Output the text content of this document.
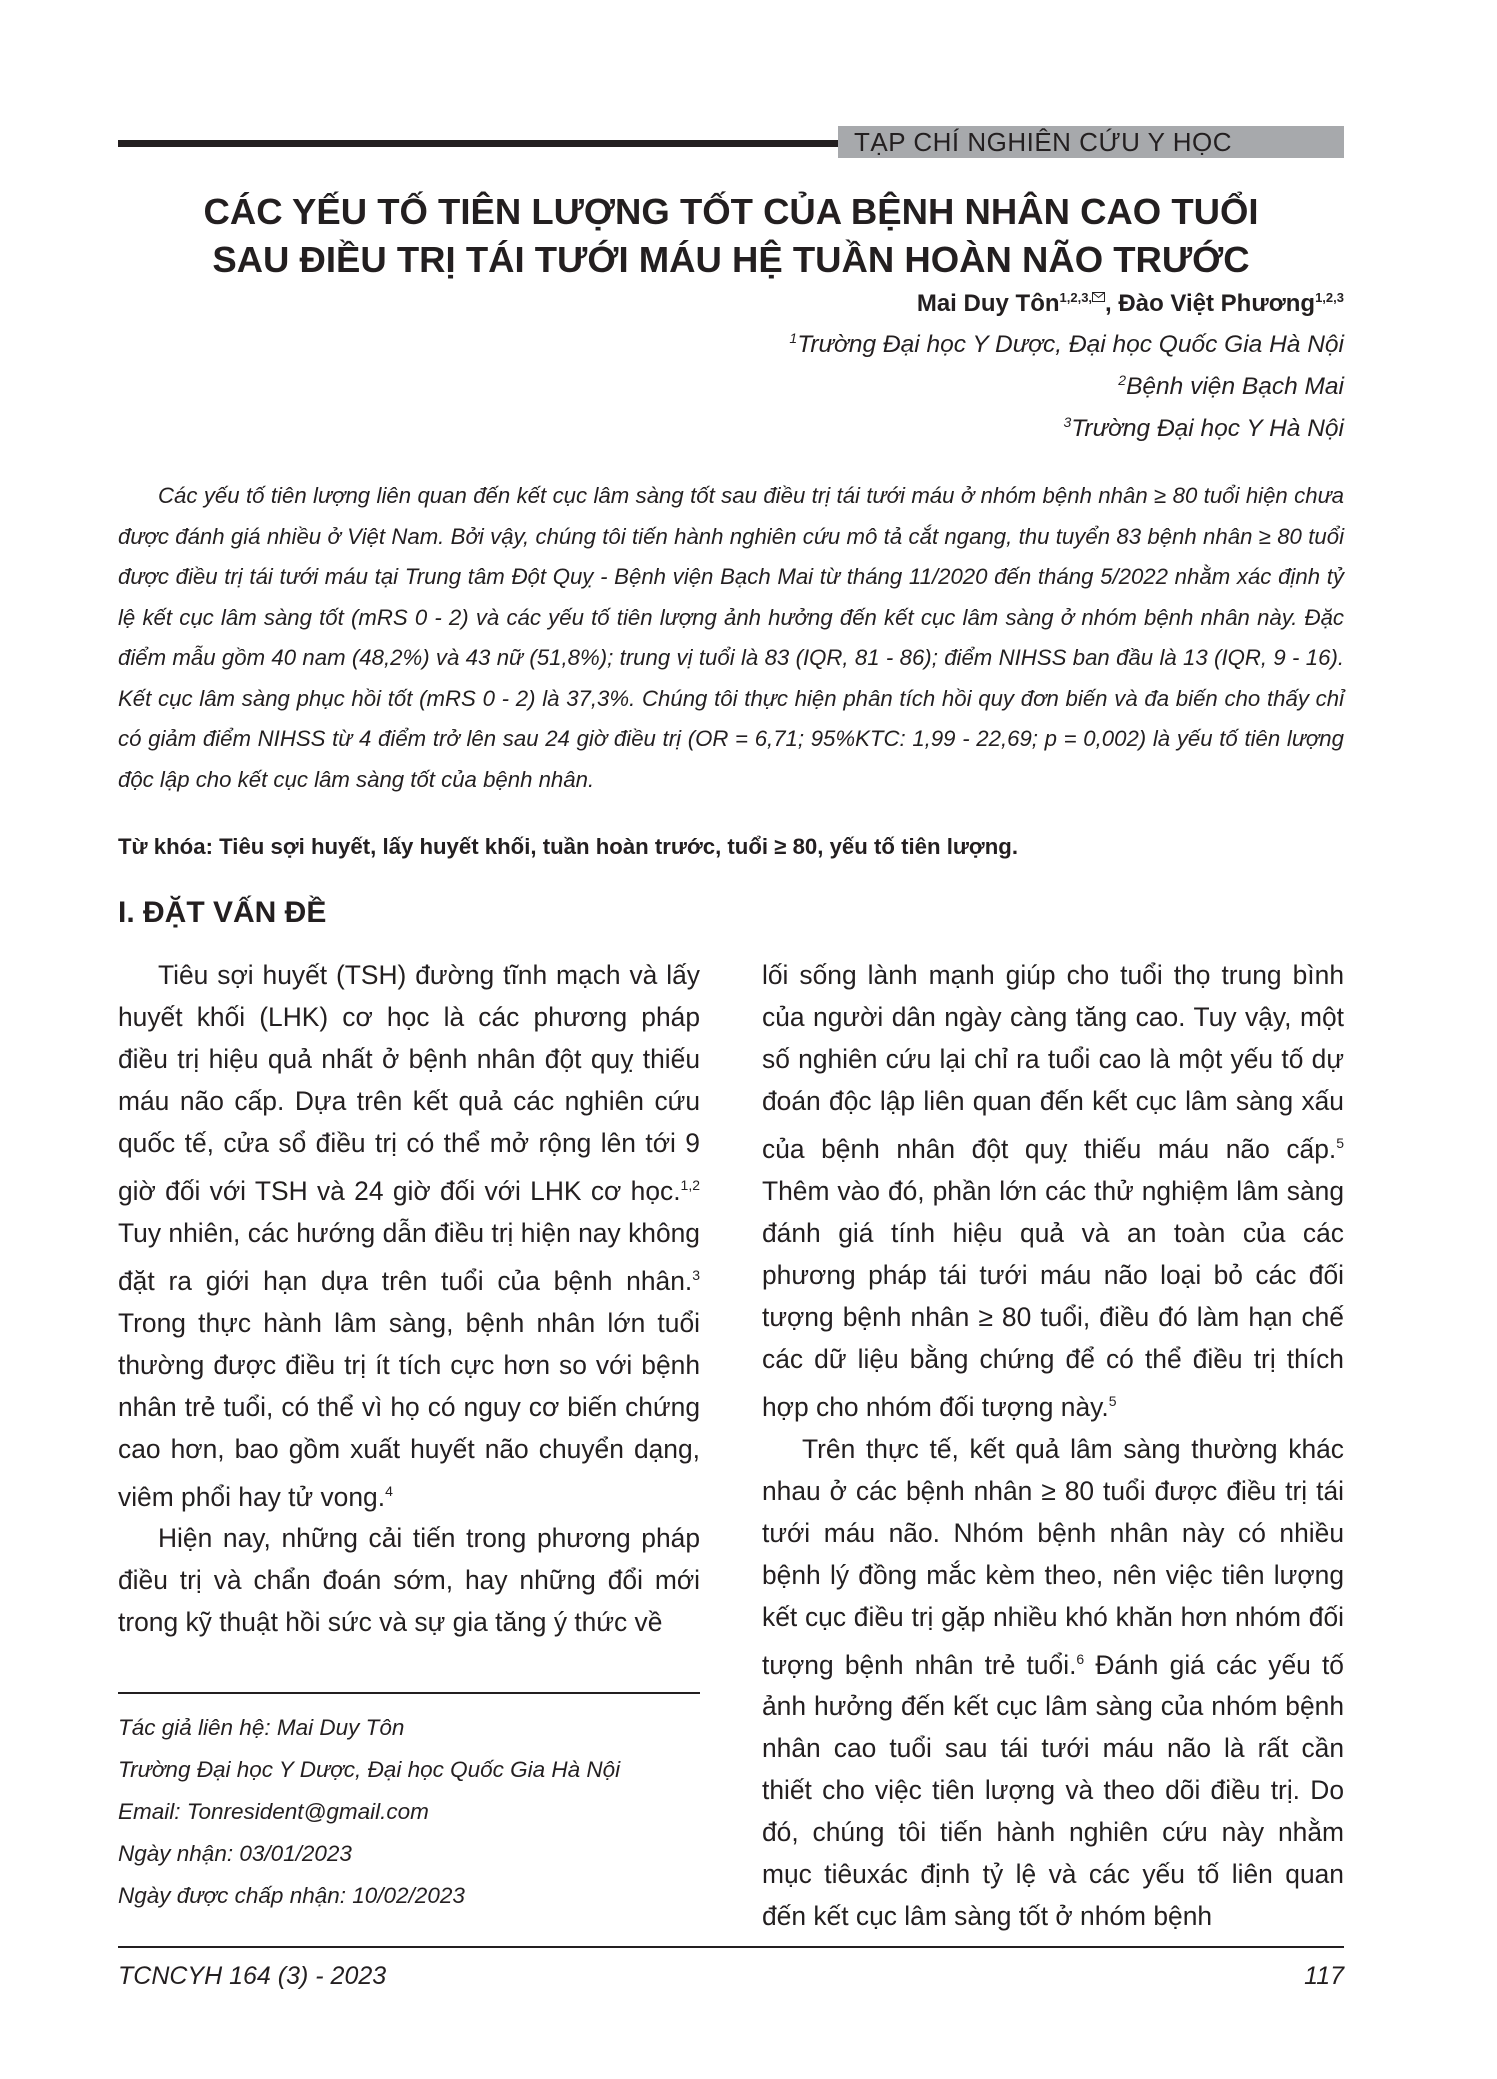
TẠP CHÍ NGHIÊN CỨU Y HỌC
CÁC YẾU TỐ TIÊN LƯỢNG TỐT CỦA BỆNH NHÂN CAO TUỔI
SAU ĐIỀU TRỊ TÁI TƯỚI MÁU HỆ TUẦN HOÀN NÃO TRƯỚC
Mai Duy Tôn$^{1,2,3,}$ , Đào Việt Phương$^{1,2,3}$
$^1$Trường Đại học Y Dược, Đại học Quốc Gia Hà Nội
$^2$Bệnh viện Bạch Mai
$^3$Trường Đại học Y Hà Nội

Các yếu tố tiên lượng liên quan đến kết cục lâm sàng tốt sau điều trị tái tưới máu ở nhóm bệnh nhân ≥ 80 tuổi hiện chưa được đánh giá nhiều ở Việt Nam. Bởi vậy, chúng tôi tiến hành nghiên cứu mô tả cắt ngang, thu tuyển 83 bệnh nhân ≥ 80 tuổi được điều trị tái tưới máu tại Trung tâm Đột Quỵ - Bệnh viện Bạch Mai từ tháng 11/2020 đến tháng 5/2022 nhằm xác định tỷ lệ kết cục lâm sàng tốt (mRS 0 - 2) và các yếu tố tiên lượng ảnh hưởng đến kết cục lâm sàng ở nhóm bệnh nhân này. Đặc điểm mẫu gồm 40 nam (48,2%) và 43 nữ (51,8%); trung vị tuổi là 83 (IQR, 81 - 86); điểm NIHSS ban đầu là 13 (IQR, 9 - 16). Kết cục lâm sàng phục hồi tốt (mRS 0 - 2) là 37,3%. Chúng tôi thực hiện phân tích hồi quy đơn biến và đa biến cho thấy chỉ có giảm điểm NIHSS từ 4 điểm trở lên sau 24 giờ điều trị (OR = 6,71; 95%KTC: 1,99 - 22,69; p = 0,002) là yếu tố tiên lượng độc lập cho kết cục lâm sàng tốt của bệnh nhân.

Từ khóa: Tiêu sợi huyết, lấy huyết khối, tuần hoàn trước, tuổi ≥ 80, yếu tố tiên lượng.

I. ĐẶT VẤN ĐỀ

Tiêu sợi huyết (TSH) đường tĩnh mạch và lấy huyết khối (LHK) cơ học là các phương pháp điều trị hiệu quả nhất ở bệnh nhân đột quỵ thiếu máu não cấp. Dựa trên kết quả các nghiên cứu quốc tế, cửa sổ điều trị có thể mở rộng lên tới 9 giờ đối với TSH và 24 giờ đối với LHK cơ học.$^{1,2}$ Tuy nhiên, các hướng dẫn điều trị hiện nay không đặt ra giới hạn dựa trên tuổi của bệnh nhân.$^3$ Trong thực hành lâm sàng, bệnh nhân lớn tuổi thường được điều trị ít tích cực hơn so với bệnh nhân trẻ tuổi, có thể vì họ có nguy cơ biến chứng cao hơn, bao gồm xuất huyết não chuyển dạng, viêm phổi hay tử vong.$^4$

Hiện nay, những cải tiến trong phương pháp điều trị và chẩn đoán sớm, hay những đổi mới trong kỹ thuật hồi sức và sự gia tăng ý thức về

lối sống lành mạnh giúp cho tuổi thọ trung bình của người dân ngày càng tăng cao. Tuy vậy, một số nghiên cứu lại chỉ ra tuổi cao là một yếu tố dự đoán độc lập liên quan đến kết cục lâm sàng xấu của bệnh nhân đột quỵ thiếu máu não cấp.$^5$ Thêm vào đó, phần lớn các thử nghiệm lâm sàng đánh giá tính hiệu quả và an toàn của các phương pháp tái tưới máu não loại bỏ các đối tượng bệnh nhân ≥ 80 tuổi, điều đó làm hạn chế các dữ liệu bằng chứng để có thể điều trị thích hợp cho nhóm đối tượng này.$^5$

Trên thực tế, kết quả lâm sàng thường khác nhau ở các bệnh nhân ≥ 80 tuổi được điều trị tái tưới máu não. Nhóm bệnh nhân này có nhiều bệnh lý đồng mắc kèm theo, nên việc tiên lượng kết cục điều trị gặp nhiều khó khăn hơn nhóm đối tượng bệnh nhân trẻ tuổi.$^6$ Đánh giá các yếu tố ảnh hưởng đến kết cục lâm sàng của nhóm bệnh nhân cao tuổi sau tái tưới máu não là rất cần thiết cho việc tiên lượng và theo dõi điều trị. Do đó, chúng tôi tiến hành nghiên cứu này nhằm mục tiêuxác định tỷ lệ và các yếu tố liên quan đến kết cục lâm sàng tốt ở nhóm bệnh

Tác giả liên hệ: Mai Duy Tôn
Trường Đại học Y Dược, Đại học Quốc Gia Hà Nội
Email: Tonresident@gmail.com
Ngày nhận: 03/01/2023
Ngày được chấp nhận: 10/02/2023
TCNCYH 164 (3) - 2023	117
